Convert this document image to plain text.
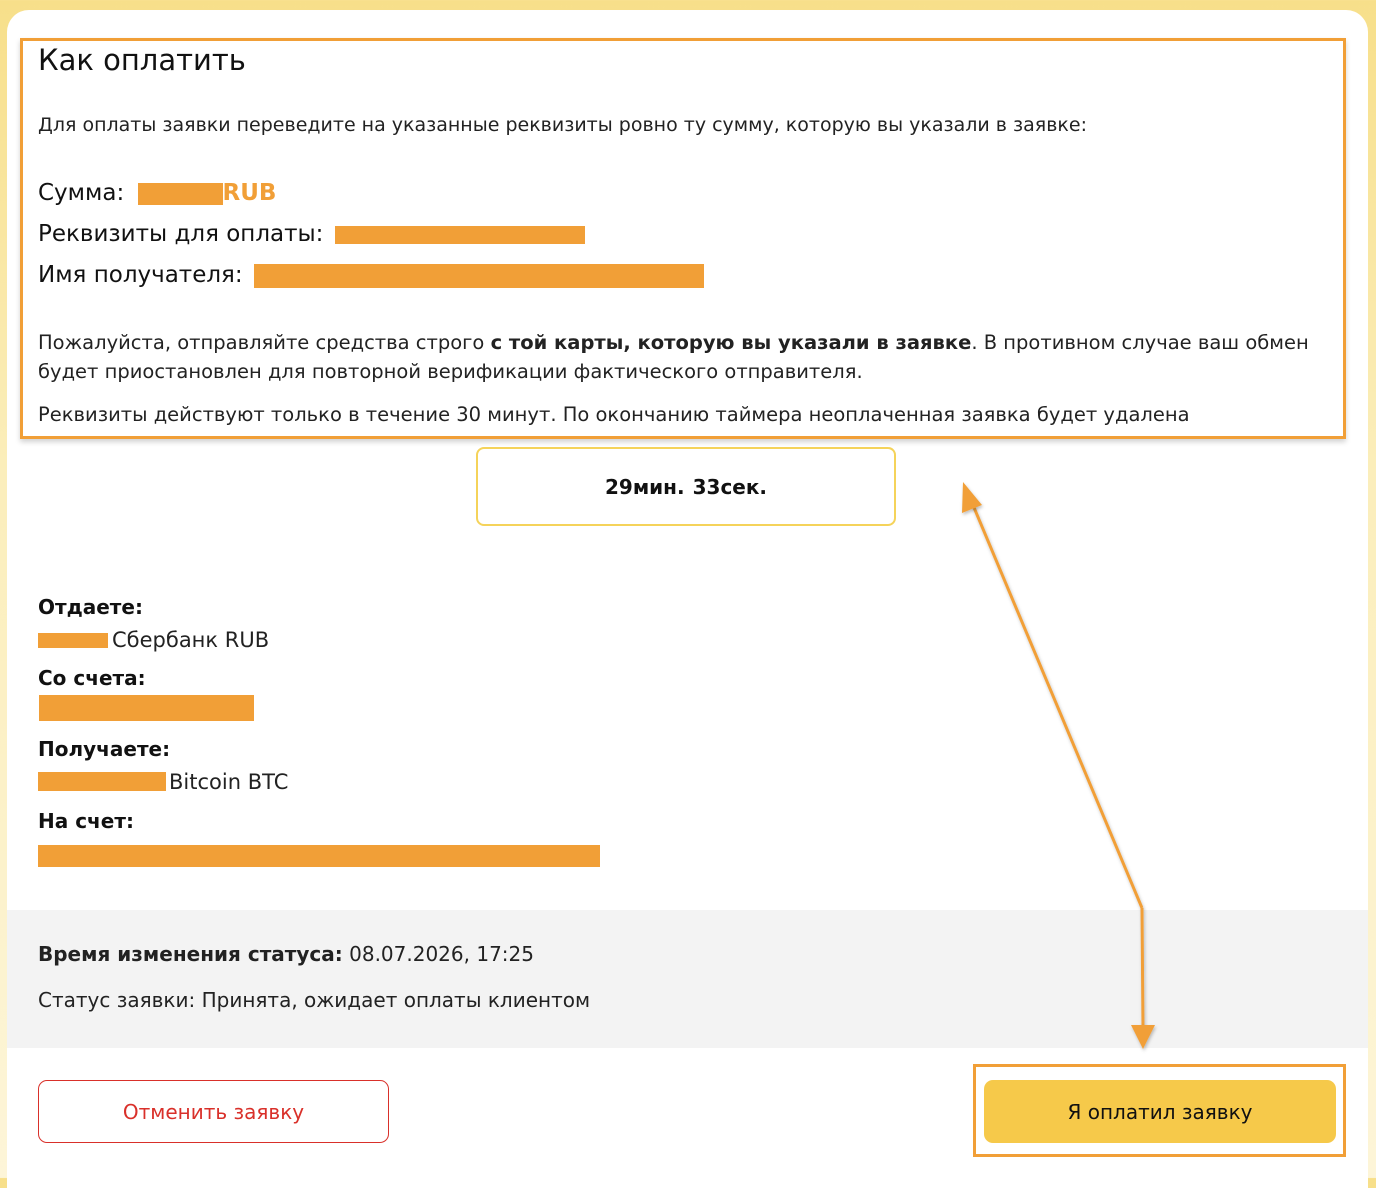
Как оплатить
Для оплаты заявки переведите на указанные реквизиты ровно ту сумму, которую вы указали в заявке:
Сумма:	RUB
Реквизиты для оплаты:
Имя получателя:
Пожалуйста, отправляйте средства строго с той карты, которую вы указали в заявке. В противном случае ваш обмен будет приостановлен для повторной верификации фактического отправителя.
Реквизиты действуют только в течение 30 минут. По окончанию таймера неоплаченная заявка будет удалена
29мин. 33сек.
Отдаете:
Сбербанк RUB
Со счета:
Получаете:
Bitcoin BTC
На счет:
Время изменения статуса: 08.07.2026, 17:25
Статус заявки: Принята, ожидает оплаты клиентом
Отменить заявку	Я оплатил заявку
